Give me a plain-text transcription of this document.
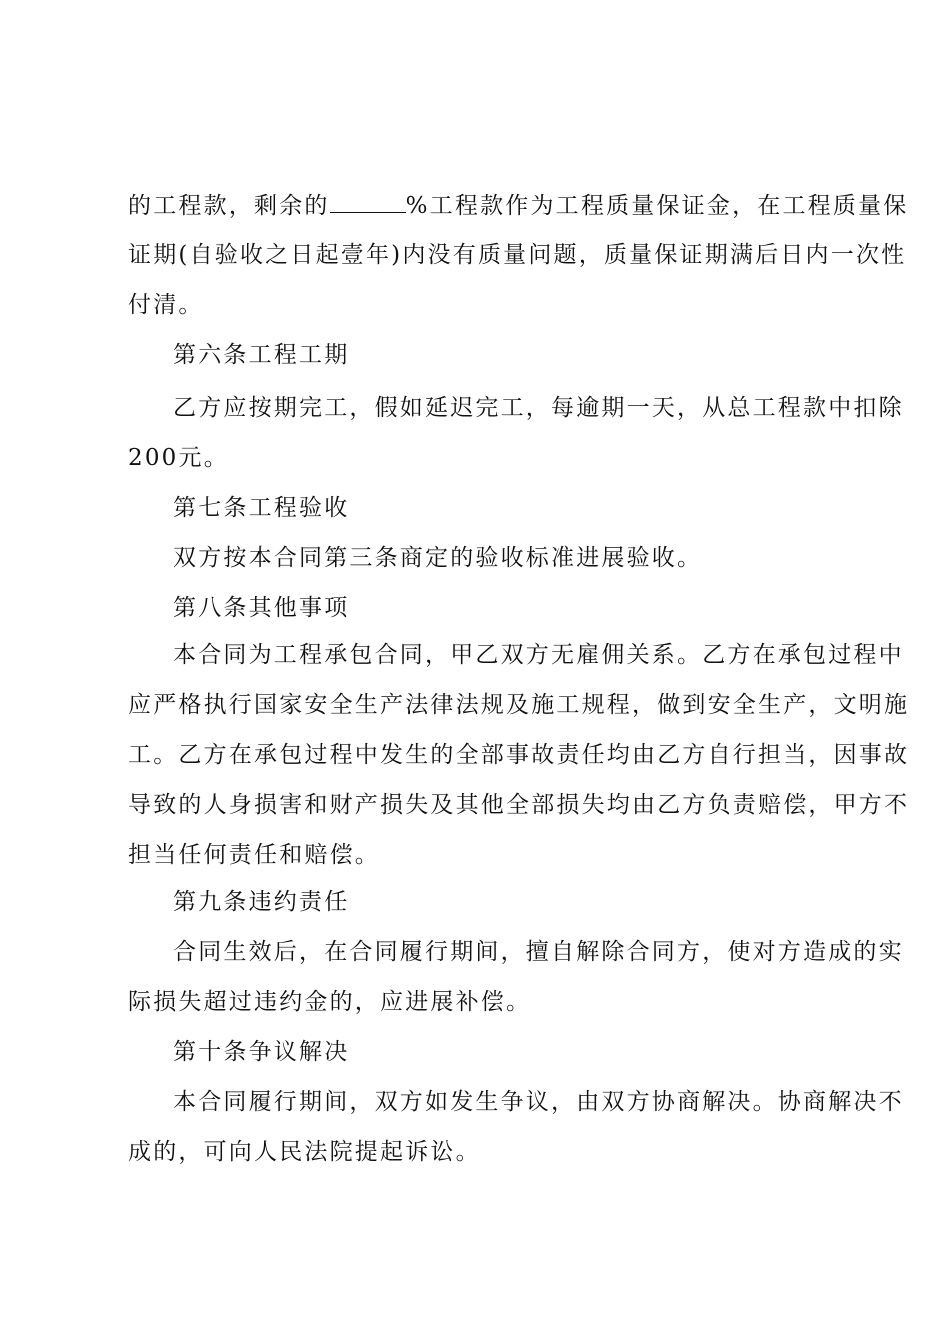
的工程款，剩余的	%工程款作为工程质量保证金，在工程质量保
证期(自验收之日起壹年)内没有质量问题，质量保证期满后日内一次性
付清。
第六条工程工期
乙方应按期完工，假如延迟完工，每逾期一天，从总工程款中扣除
200元。
第七条工程验收
双方按本合同第三条商定的验收标准进展验收。
第八条其他事项
本合同为工程承包合同，甲乙双方无雇佣关系。乙方在承包过程中
应严格执行国家安全生产法律法规及施工规程，做到安全生产，文明施
工。乙方在承包过程中发生的全部事故责任均由乙方自行担当，因事故
导致的人身损害和财产损失及其他全部损失均由乙方负责赔偿，甲方不
担当任何责任和赔偿。
第九条违约责任
合同生效后，在合同履行期间，擅自解除合同方，使对方造成的实
际损失超过违约金的，应进展补偿。
第十条争议解决
本合同履行期间，双方如发生争议，由双方协商解决。协商解决不
成的，可向人民法院提起诉讼。
